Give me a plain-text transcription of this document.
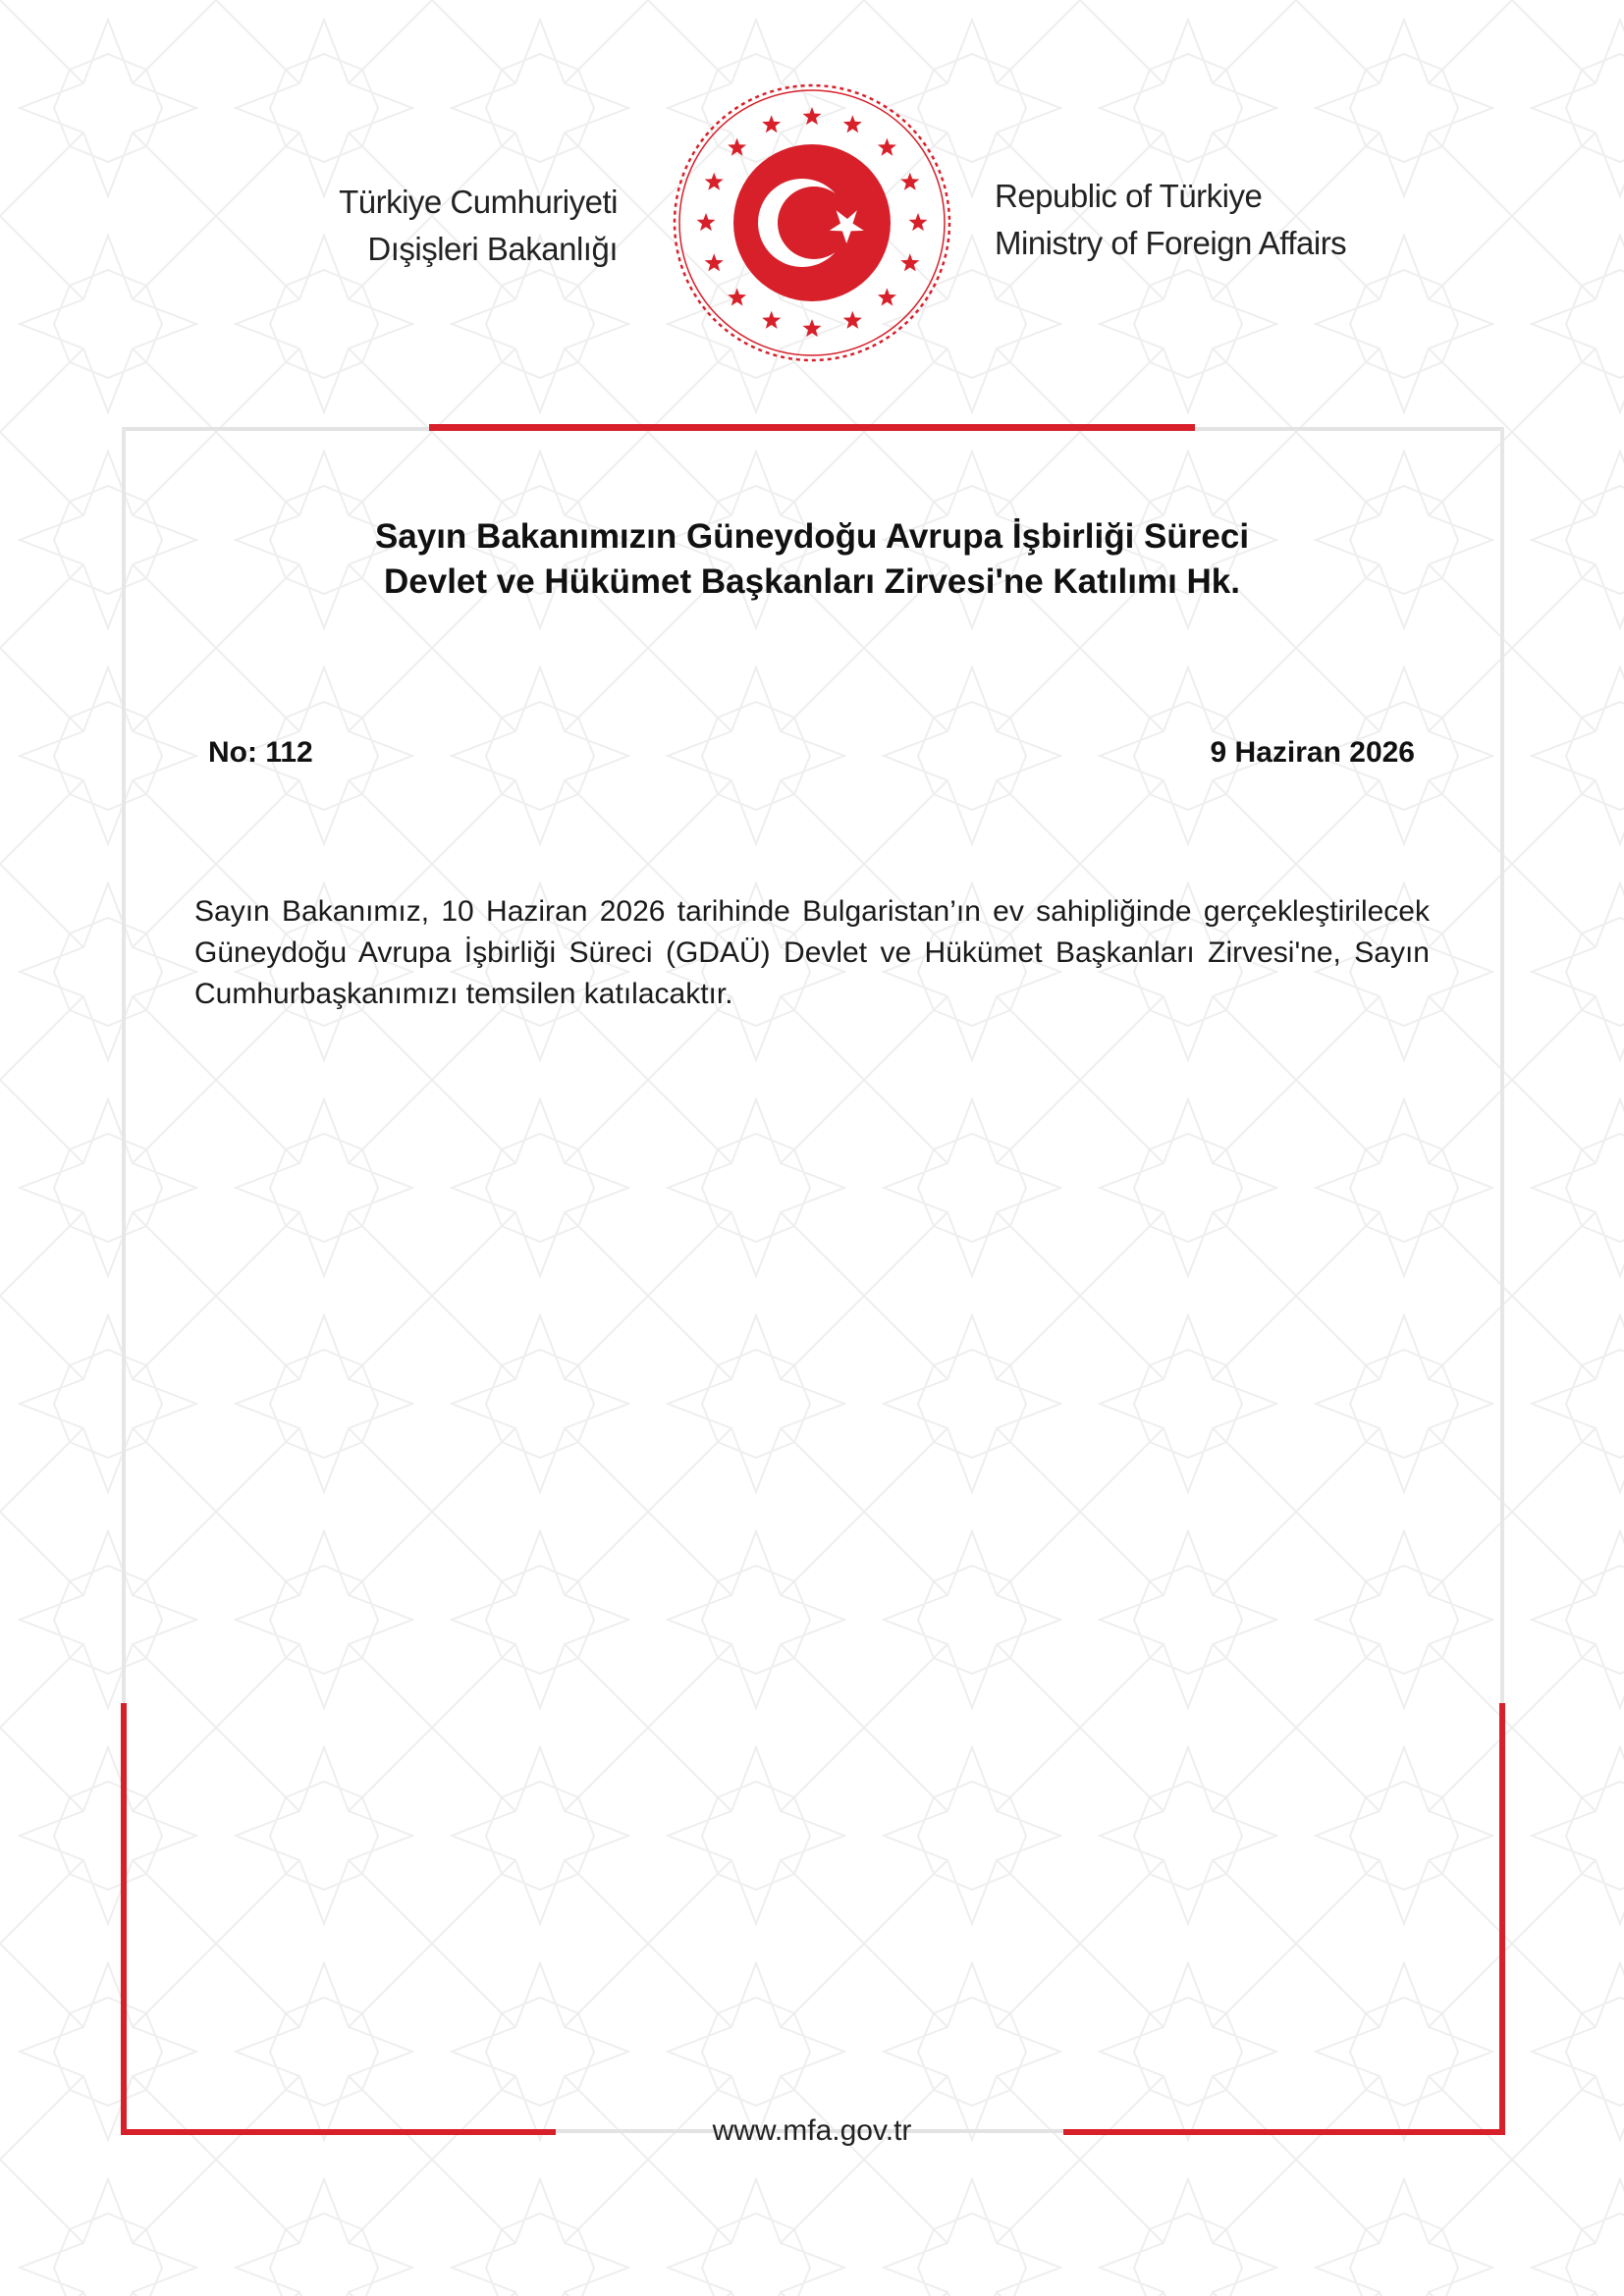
Türkiye Cumhuriyeti
Dışişleri Bakanlığı
Republic of Türkiye
Ministry of Foreign Affairs
Sayın Bakanımızın Güneydoğu Avrupa İşbirliği Süreci
Devlet ve Hükümet Başkanları Zirvesi'ne Katılımı Hk.
No: 112	9 Haziran 2026
Sayın Bakanımız, 10 Haziran 2026 tarihinde Bulgaristan’ın ev sahipliğinde gerçekleştirilecek Güneydoğu Avrupa İşbirliği Süreci (GDAÜ) Devlet ve Hükümet Başkanları Zirvesi'ne, Sayın Cumhurbaşkanımızı temsilen katılacaktır.
www.mfa.gov.tr
